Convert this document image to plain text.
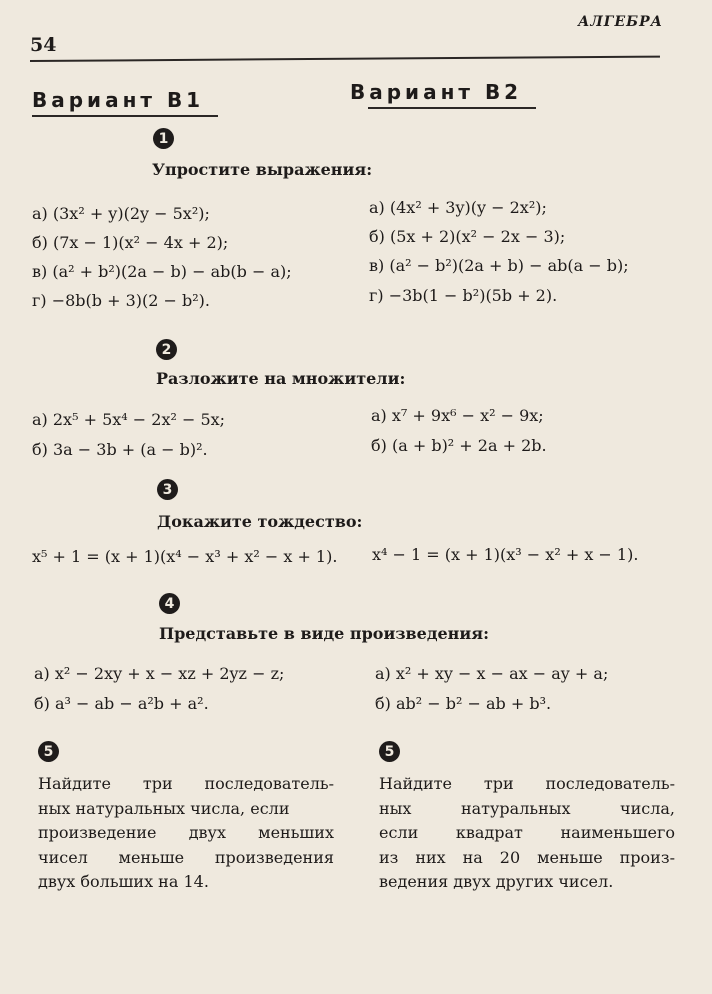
54
АЛГЕБРА
Вариант В1	Вариант В2
1
Упростите выражения:
а) (3x² + y)(2y − 5x²);
б) (7x − 1)(x² − 4x + 2);
в) (a² + b²)(2a − b) − ab(b − a);
г) −8b(b + 3)(2 − b²).
а) (4x² + 3y)(y − 2x²);
б) (5x + 2)(x² − 2x − 3);
в) (a² − b²)(2a + b) − ab(a − b);
г) −3b(1 − b²)(5b + 2).
2
Разложите на множители:
а) 2x⁵ + 5x⁴ − 2x² − 5x;
б) 3a − 3b + (a − b)².
а) x⁷ + 9x⁶ − x² − 9x;
б) (a + b)² + 2a + 2b.
3
Докажите тождество:
x⁵ + 1 = (x + 1)(x⁴ − x³ + x² − x + 1). x⁴ − 1 = (x + 1)(x³ − x² + x − 1).
4
Представьте в виде произведения:
а) x² − 2xy + x − xz + 2yz − z;
б) a³ − ab − a²b + a².
а) x² + xy − x − ax − ay + a;
б) ab² − b² − ab + b³.
5	5
Найдите три последователь-
ных натуральных числа, если
произведение двух меньших
чисел меньше произведения
двух больших на 14.
Найдите три последователь-
ных	натуральных	числа,
если квадрат наименьшего
из них на 20 меньше произ-
ведения двух других чисел.
